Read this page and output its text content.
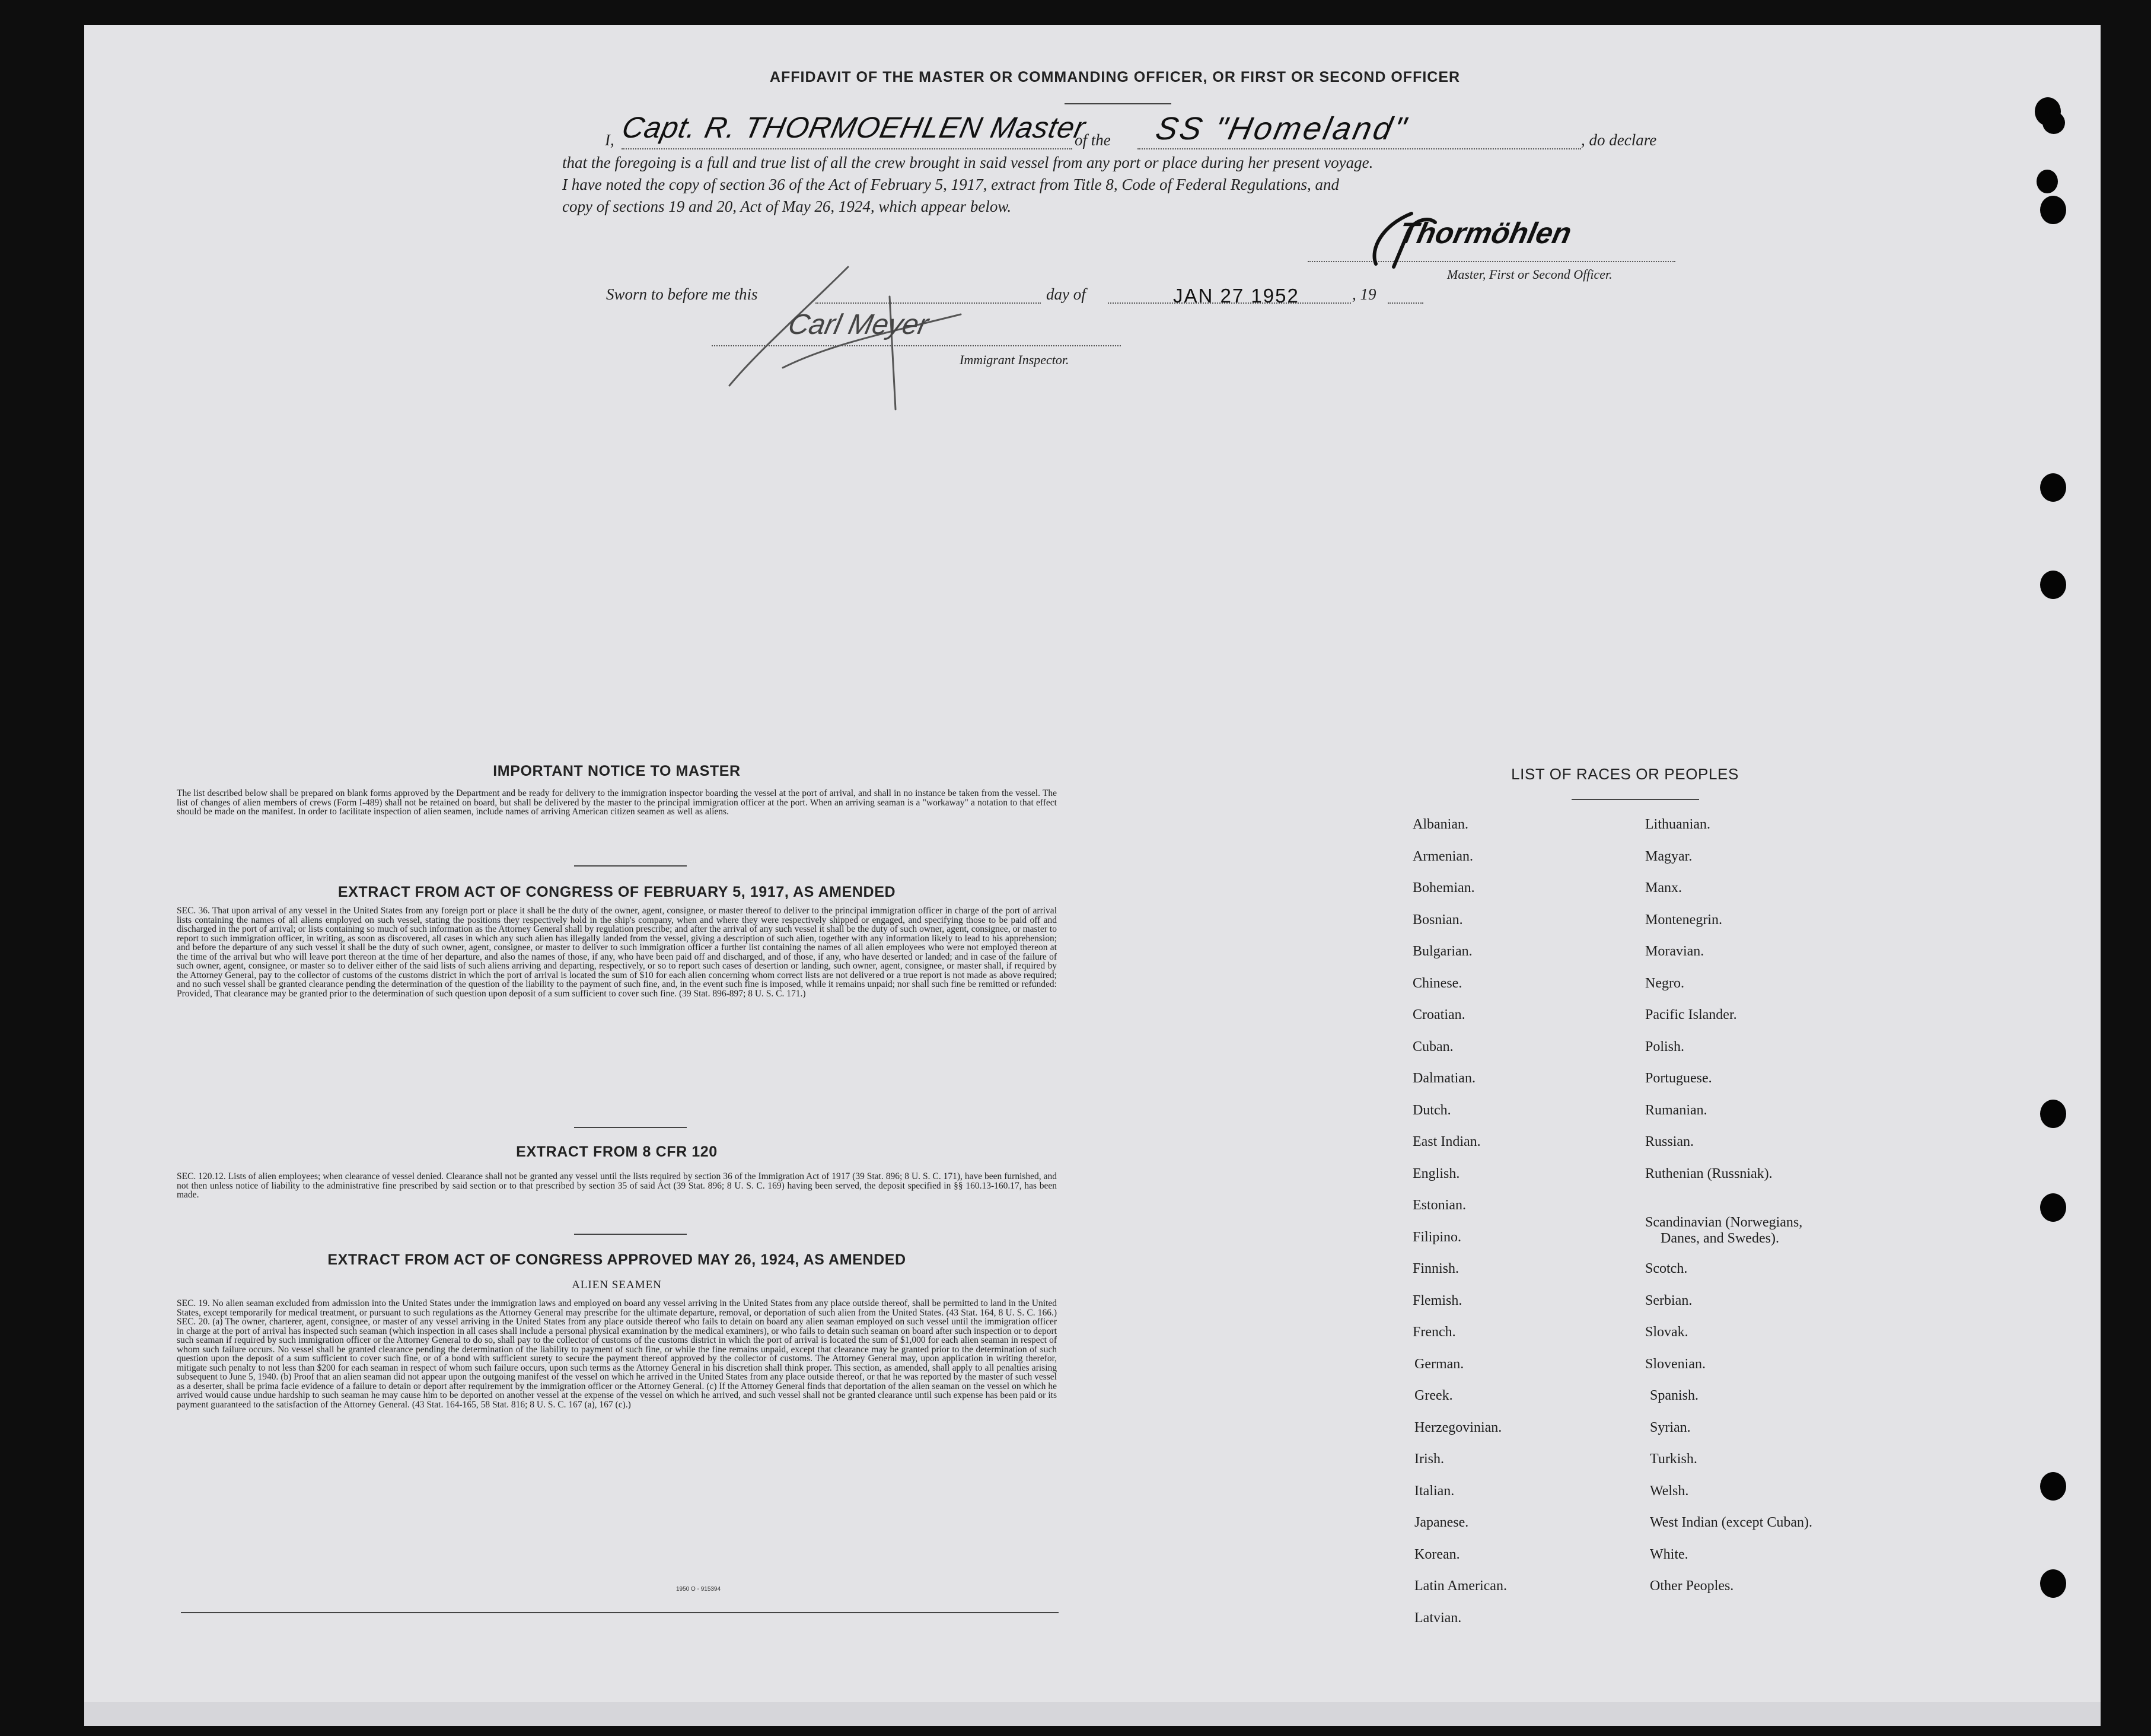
AFFIDAVIT OF THE MASTER OR COMMANDING OFFICER, OR FIRST OR SECOND OFFICER
I, Capt. R. THORMOEHLEN Master
of the SS "Homeland"	, do declare
that the foregoing is a full and true list of all the crew brought in said vessel from any port or place during her present voyage.
I have noted the copy of section 36 of the Act of February 5, 1917, extract from Title 8, Code of Federal Regulations, and
copy of sections 19 and 20, Act of May 26, 1924, which appear below.
Thormöhlen
Master, First or Second Officer.
Sworn to before me this	day of	JAN 27 1952	, 19
Carl Meyer
Immigrant Inspector.
IMPORTANT NOTICE TO MASTER
The list described below shall be prepared on blank forms approved by the Department and be ready for delivery to the immigration inspector boarding the vessel at the port of arrival, and shall in no instance be taken from the vessel. The list of changes of alien members of crews (Form I-489) shall not be retained on board, but shall be delivered by the master to the principal immigration officer at the port. When an arriving seaman is a "workaway" a notation to that effect should be made on the manifest. In order to facilitate inspection of alien seamen, include names of arriving American citizen seamen as well as aliens.
EXTRACT FROM ACT OF CONGRESS OF FEBRUARY 5, 1917, AS AMENDED
SEC. 36. That upon arrival of any vessel in the United States from any foreign port or place it shall be the duty of the owner, agent, consignee, or master thereof to deliver to the principal immigration officer in charge of the port of arrival lists containing the names of all aliens employed on such vessel, stating the positions they respectively hold in the ship's company, when and where they were respectively shipped or engaged, and specifying those to be paid off and discharged in the port of arrival; or lists containing so much of such information as the Attorney General shall by regulation prescribe; and after the arrival of any such vessel it shall be the duty of such owner, agent, consignee, or master to report to such immigration officer, in writing, as soon as discovered, all cases in which any such alien has illegally landed from the vessel, giving a description of such alien, together with any information likely to lead to his apprehension; and before the departure of any such vessel it shall be the duty of such owner, agent, consignee, or master to deliver to such immigration officer a further list containing the names of all alien employees who were not employed thereon at the time of the arrival but who will leave port thereon at the time of her departure, and also the names of those, if any, who have been paid off and discharged, and of those, if any, who have deserted or landed; and in case of the failure of such owner, agent, consignee, or master so to deliver either of the said lists of such aliens arriving and departing, respectively, or so to report such cases of desertion or landing, such owner, agent, consignee, or master shall, if required by the Attorney General, pay to the collector of customs of the customs district in which the port of arrival is located the sum of $10 for each alien concerning whom correct lists are not delivered or a true report is not made as above required; and no such vessel shall be granted clearance pending the determination of the question of the liability to the payment of such fine, and, in the event such fine is imposed, while it remains unpaid; nor shall such fine be remitted or refunded: Provided, That clearance may be granted prior to the determination of such question upon deposit of a sum sufficient to cover such fine. (39 Stat. 896-897; 8 U. S. C. 171.)
EXTRACT FROM 8 CFR 120
SEC. 120.12. Lists of alien employees; when clearance of vessel denied. Clearance shall not be granted any vessel until the lists required by section 36 of the Immigration Act of 1917 (39 Stat. 896; 8 U. S. C. 171), have been furnished, and not then unless notice of liability to the administrative fine prescribed by said section or to that prescribed by section 35 of said Act (39 Stat. 896; 8 U. S. C. 169) having been served, the deposit specified in §§ 160.13-160.17, has been made.
EXTRACT FROM ACT OF CONGRESS APPROVED MAY 26, 1924, AS AMENDED
ALIEN SEAMEN
SEC. 19. No alien seaman excluded from admission into the United States under the immigration laws and employed on board any vessel arriving in the United States from any place outside thereof, shall be permitted to land in the United States, except temporarily for medical treatment, or pursuant to such regulations as the Attorney General may prescribe for the ultimate departure, removal, or deportation of such alien from the United States. (43 Stat. 164, 8 U. S. C. 166.) SEC. 20. (a) The owner, charterer, agent, consignee, or master of any vessel arriving in the United States from any place outside thereof who fails to detain on board any alien seaman employed on such vessel until the immigration officer in charge at the port of arrival has inspected such seaman (which inspection in all cases shall include a personal physical examination by the medical examiners), or who fails to detain such seaman on board after such inspection or to deport such seaman if required by such immigration officer or the Attorney General to do so, shall pay to the collector of customs of the customs district in which the port of arrival is located the sum of $1,000 for each alien seaman in respect of whom such failure occurs. No vessel shall be granted clearance pending the determination of the liability to payment of such fine, or while the fine remains unpaid, except that clearance may be granted prior to the determination of such question upon the deposit of a sum sufficient to cover such fine, or of a bond with sufficient surety to secure the payment thereof approved by the collector of customs. The Attorney General may, upon application in writing therefor, mitigate such penalty to not less than $200 for each seaman in respect of whom such failure occurs, upon such terms as the Attorney General in his discretion shall think proper. This section, as amended, shall apply to all penalties arising subsequent to June 5, 1940. (b) Proof that an alien seaman did not appear upon the outgoing manifest of the vessel on which he arrived in the United States from any place outside thereof, or that he was reported by the master of such vessel as a deserter, shall be prima facie evidence of a failure to detain or deport after requirement by the immigration officer or the Attorney General. (c) If the Attorney General finds that deportation of the alien seaman on the vessel on which he arrived would cause undue hardship to such seaman he may cause him to be deported on another vessel at the expense of the vessel on which he arrived, and such vessel shall not be granted clearance until such expense has been paid or its payment guaranteed to the satisfaction of the Attorney General. (43 Stat. 164-165, 58 Stat. 816; 8 U. S. C. 167 (a), 167 (c).)
1950 O - 915394
LIST OF RACES OR PEOPLES
Albanian.
Armenian.
Bohemian.
Bosnian.
Bulgarian.
Chinese.
Croatian.
Cuban.
Dalmatian.
Dutch.
East Indian.
English.
Estonian.
Filipino.
Finnish.
Flemish.
French.
German.
Greek.
Herzegovinian.
Irish.
Italian.
Japanese.
Korean.
Latin American.
Latvian.
Lithuanian.
Magyar.
Manx.
Montenegrin.
Moravian.
Negro.
Pacific Islander.
Polish.
Portuguese.
Rumanian.
Russian.
Ruthenian (Russniak).
Scandinavian (Norwegians,
Danes, and Swedes).
Scotch.
Serbian.
Slovak.
Slovenian.
Spanish.
Syrian.
Turkish.
Welsh.
West Indian (except Cuban).
White.
Other Peoples.
